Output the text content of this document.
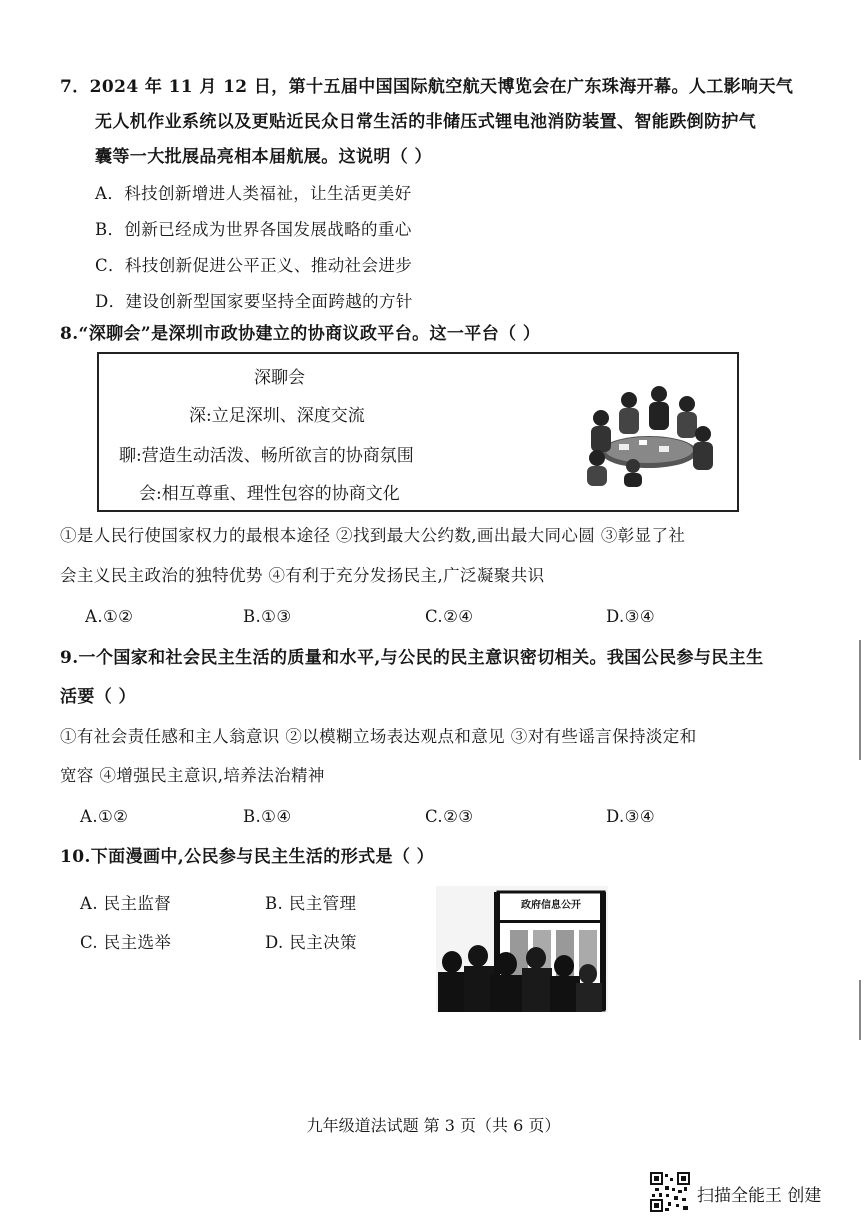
7．2024 年 11 月 12 日，第十五届中国国际航空航天博览会在广东珠海开幕。人工影响天气
无人机作业系统以及更贴近民众日常生活的非储压式锂电池消防装置、智能跌倒防护气
囊等一大批展品亮相本届航展。这说明（ ）
A．科技创新增进人类福祉，让生活更美好
B．创新已经成为世界各国发展战略的重心
C．科技创新促进公平正义、推动社会进步
D．建设创新型国家要坚持全面跨越的方针
8.“深聊会”是深圳市政协建立的协商议政平台。这一平台（ ）
深聊会
深:立足深圳、深度交流
聊:营造生动活泼、畅所欲言的协商氛围
会:相互尊重、理性包容的协商文化
①是人民行使国家权力的最根本途径 ②找到最大公约数,画出最大同心圆 ③彰显了社
会主义民主政治的独特优势 ④有利于充分发扬民主,广泛凝聚共识
A.①②	B.①③	C.②④	D.③④
9.一个国家和社会民主生活的质量和水平,与公民的民主意识密切相关。我国公民参与民主生
活要（ ）
①有社会责任感和主人翁意识 ②以模糊立场表达观点和意见 ③对有些谣言保持淡定和
宽容 ④增强民主意识,培养法治精神
A.①②	B.①④	C.②③	D.③④
10.下面漫画中,公民参与民主生活的形式是（ ）
A. 民主监督	B. 民主管理
C. 民主选举	D. 民主决策
政府信息公开
九年级道法试题 第 3 页（共 6 页）
扫描全能王 创建
